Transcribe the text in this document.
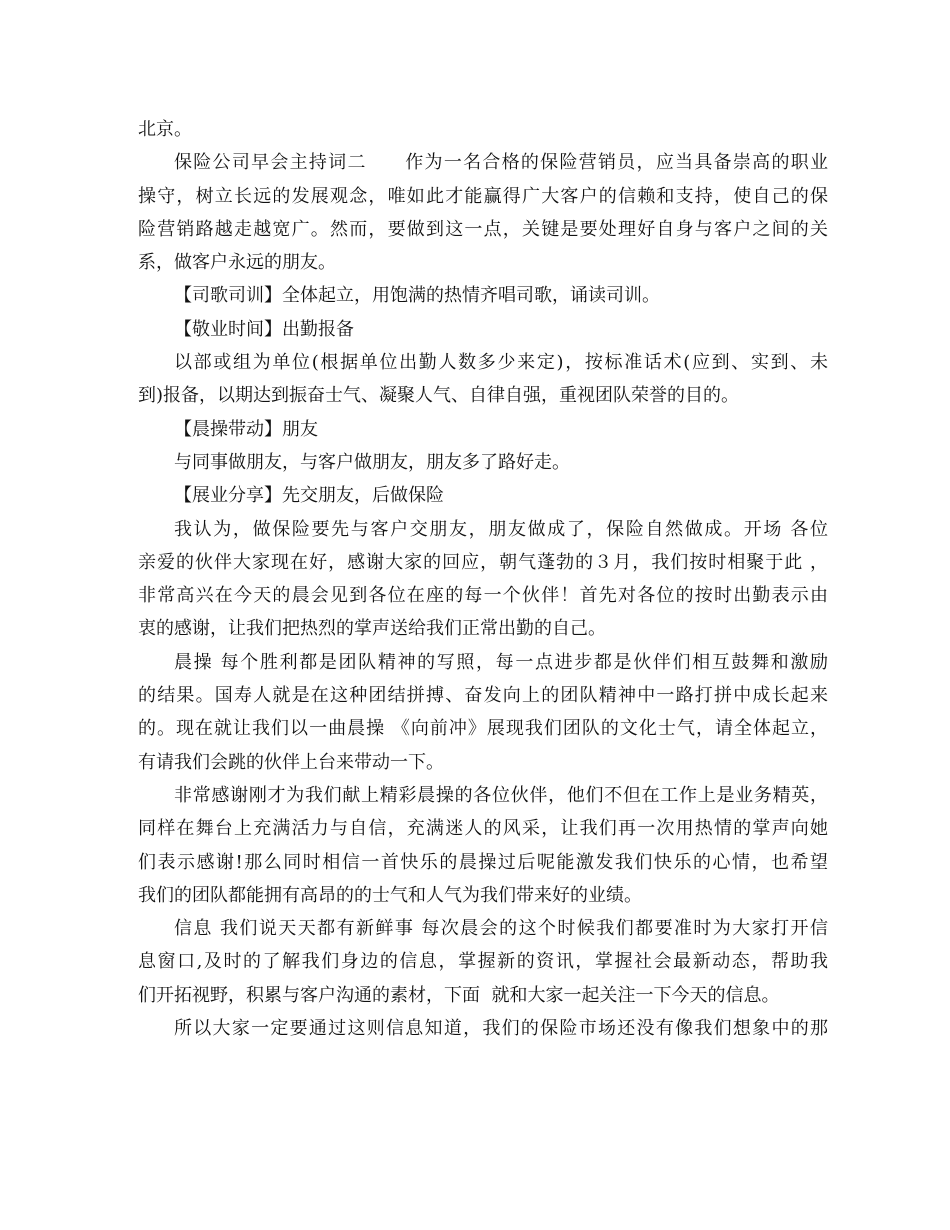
北京。
保险公司早会主持词二　　作为一名合格的保险营销员，应当具备崇高的职业
操守，树立长远的发展观念，唯如此才能赢得广大客户的信赖和支持，使自己的保
险营销路越走越宽广。然而，要做到这一点，关键是要处理好自身与客户之间的关
系，做客户永远的朋友。
【司歌司训】全体起立，用饱满的热情齐唱司歌，诵读司训。
【敬业时间】出勤报备
以部或组为单位(根据单位出勤人数多少来定)，按标准话术(应到、实到、未
到)报备，以期达到振奋士气、凝聚人气、自律自强，重视团队荣誉的目的。
【晨操带动】朋友
与同事做朋友，与客户做朋友，朋友多了路好走。
【展业分享】先交朋友，后做保险
我认为，做保险要先与客户交朋友，朋友做成了，保险自然做成。开场 各位
亲爱的伙伴大家现在好，感谢大家的回应，朝气蓬勃的３月，我们按时相聚于此 ，
非常高兴在今天的晨会见到各位在座的每一个伙伴！首先对各位的按时出勤表示由
衷的感谢，让我们把热烈的掌声送给我们正常出勤的自己。
晨操 每个胜利都是团队精神的写照，每一点进步都是伙伴们相互鼓舞和激励
的结果。国寿人就是在这种团结拼搏、奋发向上的团队精神中一路打拼中成长起来
的。现在就让我们以一曲晨操 《向前冲》展现我们团队的文化士气，请全体起立，
有请我们会跳的伙伴上台来带动一下。
非常感谢刚才为我们献上精彩晨操的各位伙伴，他们不但在工作上是业务精英，
同样在舞台上充满活力与自信，充满迷人的风采，让我们再一次用热情的掌声向她
们表示感谢!那么同时相信一首快乐的晨操过后呢能激发我们快乐的心情，也希望
我们的团队都能拥有高昂的的士气和人气为我们带来好的业绩。
信息 我们说天天都有新鲜事 每次晨会的这个时候我们都要准时为大家打开信
息窗口,及时的了解我们身边的信息，掌握新的资讯，掌握社会最新动态，帮助我
们开拓视野，积累与客户沟通的素材，下面  就和大家一起关注一下今天的信息。
所以大家一定要通过这则信息知道，我们的保险市场还没有像我们想象中的那
